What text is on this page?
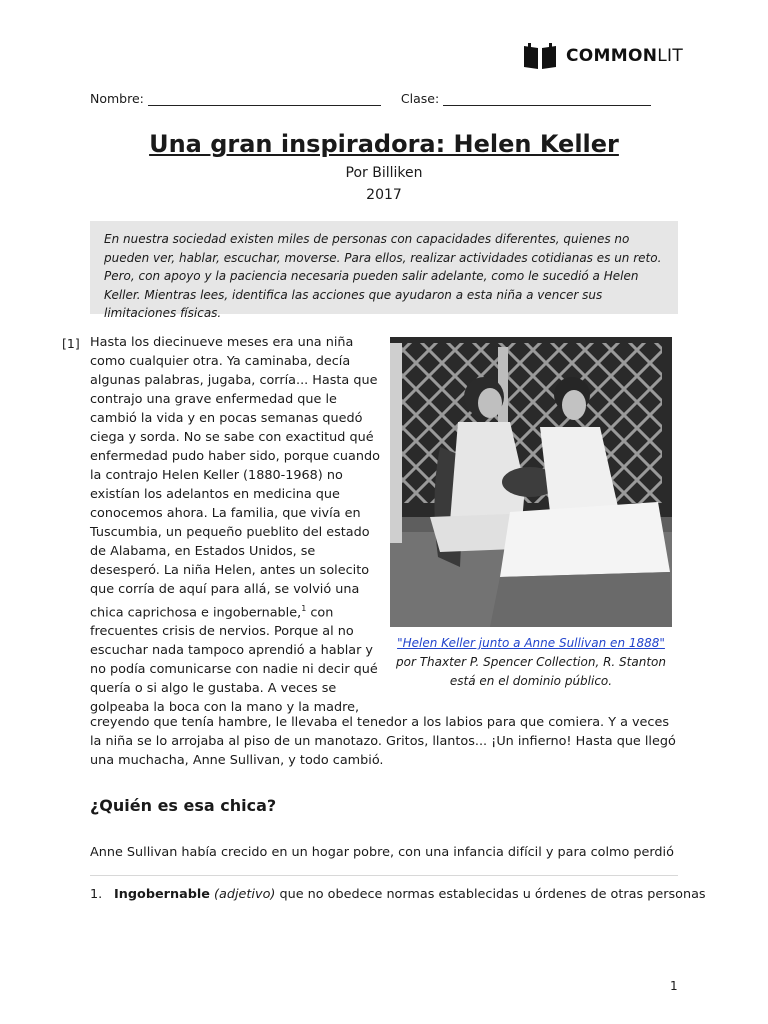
COMMONLIT
Nombre:	Clase:
Una gran inspiradora: Helen Keller
Por Billiken
2017
En nuestra sociedad existen miles de personas con capacidades diferentes, quienes no pueden ver, hablar, escuchar, moverse. Para ellos, realizar actividades cotidianas es un reto. Pero, con apoyo y la paciencia necesaria pueden salir adelante, como le sucedió a Helen Keller. Mientras lees, identifica las acciones que ayudaron a esta niña a vencer sus limitaciones físicas.
[1] Hasta los diecinueve meses era una niña como cualquier otra. Ya caminaba, decía algunas palabras, jugaba, corría... Hasta que contrajo una grave enfermedad que le cambió la vida y en pocas semanas quedó ciega y sorda. No se sabe con exactitud qué enfermedad pudo haber sido, porque cuando la contrajo Helen Keller (1880-1968) no existían los adelantos en medicina que conocemos ahora. La familia, que vivía en Tuscumbia, un pequeño pueblito del estado de Alabama, en Estados Unidos, se desesperó. La niña Helen, antes un solecito que corría de aquí para allá, se volvió una chica caprichosa e ingobernable,$^1$ con frecuentes crisis de nervios. Porque al no escuchar nada tampoco aprendió a hablar y no podía comunicarse con nadie ni decir qué quería o si algo le gustaba. A veces se golpeaba la boca con la mano y la madre,
"Helen Keller junto a Anne Sullivan en 1888"
por Thaxter P. Spencer Collection, R. Stanton está en el dominio público.
creyendo que tenía hambre, le llevaba el tenedor a los labios para que comiera. Y a veces la niña se lo arrojaba al piso de un manotazo. Gritos, llantos... ¡Un infierno! Hasta que llegó una muchacha, Anne Sullivan, y todo cambió.
¿Quién es esa chica?
Anne Sullivan había crecido en un hogar pobre, con una infancia difícil y para colmo perdió
1. Ingobernable (adjetivo) que no obedece normas establecidas u órdenes de otras personas
1
